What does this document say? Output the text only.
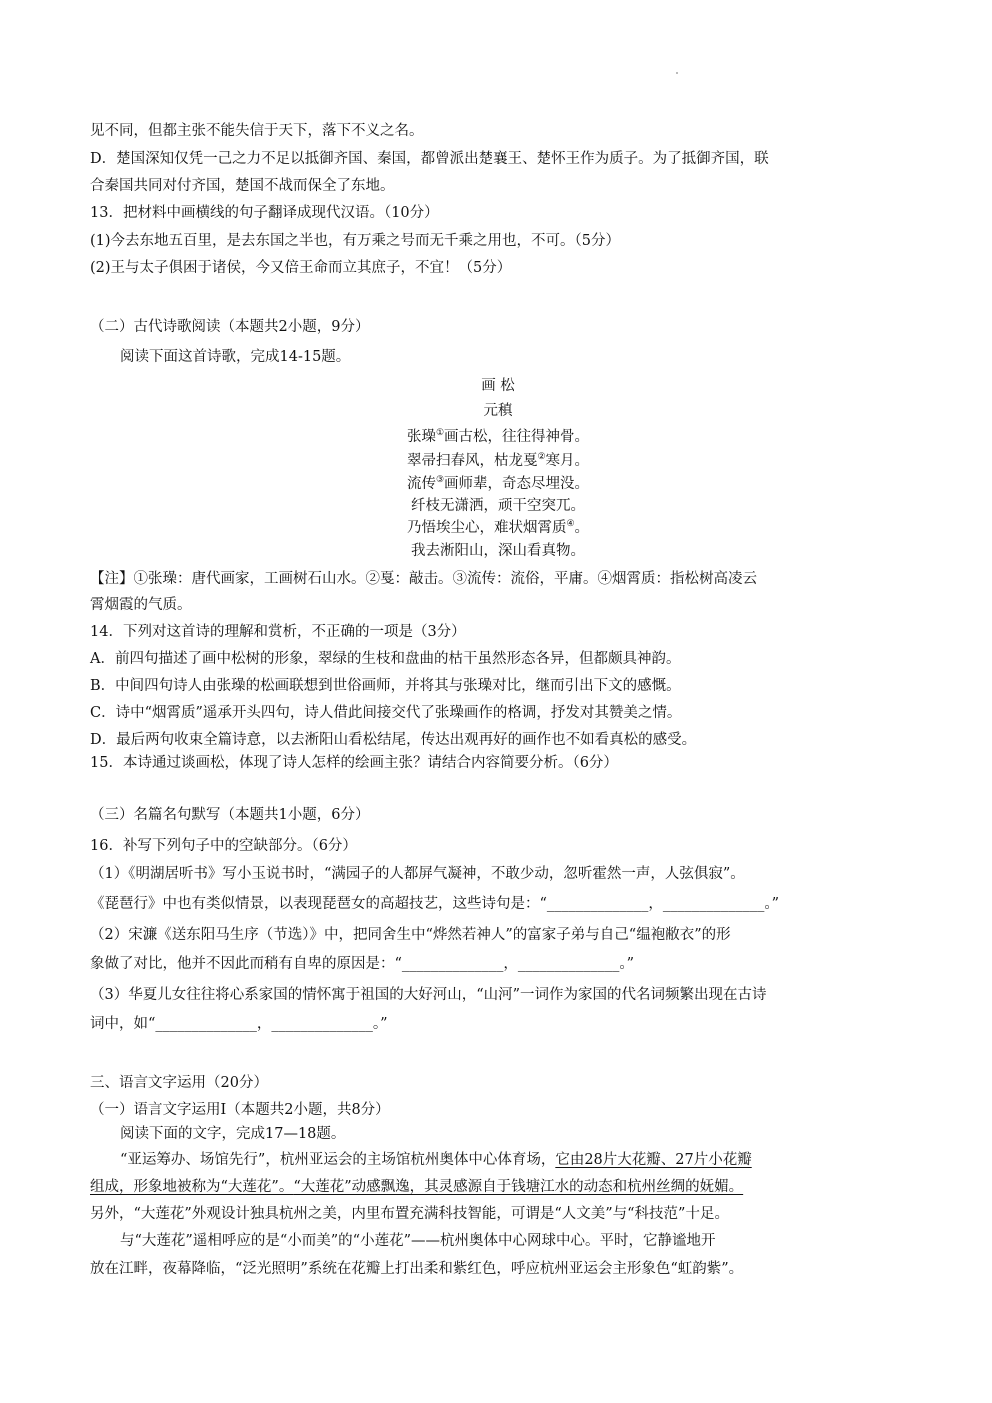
见不同，但都主张不能失信于天下，落下不义之名。
D．楚国深知仅凭一己之力不足以抵御齐国、秦国，都曾派出楚襄王、楚怀王作为质子。为了抵御齐国，联
合秦国共同对付齐国，楚国不战而保全了东地。
13．把材料中画横线的句子翻译成现代汉语。（10分）
(1)今去东地五百里，是去东国之半也，有万乘之号而无千乘之用也，不可。（5分）
(2)王与太子俱困于诸侯，今又倍王命而立其庶子，不宜！（5分）
（二）古代诗歌阅读（本题共2小题，9分）
阅读下面这首诗歌，完成14-15题。
画 松
元稹
张璪①画古松，往往得神骨。
翠帚扫春风，枯龙戛②寒月。
流传③画师辈，奇态尽埋没。
纤枝无潇洒，顽干空突兀。
乃悟埃尘心，难状烟霄质④。
我去淅阳山，深山看真物。
【注】①张璪：唐代画家，工画树石山水。②戛：敲击。③流传：流俗，平庸。④烟霄质：指松树高凌云
霄烟霞的气质。
14．下列对这首诗的理解和赏析，不正确的一项是（3分）
A．前四句描述了画中松树的形象，翠绿的生枝和盘曲的枯干虽然形态各异，但都颇具神韵。
B．中间四句诗人由张璪的松画联想到世俗画师，并将其与张璪对比，继而引出下文的感慨。
C．诗中“烟霄质”遥承开头四句，诗人借此间接交代了张璪画作的格调，抒发对其赞美之情。
D．最后两句收束全篇诗意，以去淅阳山看松结尾，传达出观再好的画作也不如看真松的感受。
15．本诗通过谈画松，体现了诗人怎样的绘画主张？请结合内容简要分析。（6分）
（三）名篇名句默写（本题共1小题，6分）
16．补写下列句子中的空缺部分。（6分）
（1）《明湖居听书》写小玉说书时，“满园子的人都屏气凝神，不敢少动，忽听霍然一声，人弦俱寂”。
《琵琶行》中也有类似情景，以表现琵琶女的高超技艺，这些诗句是：“______________，______________。”
（2）宋濂《送东阳马生序（节选）》中，把同舍生中“烨然若神人”的富家子弟与自己“缊袍敝衣”的形
象做了对比，他并不因此而稍有自卑的原因是：“______________，______________。”
（3）华夏儿女往往将心系家国的情怀寓于祖国的大好河山，“山河”一词作为家国的代名词频繁出现在古诗
词中，如“______________，______________。”
三、语言文字运用（20分）
（一）语言文字运用Ⅰ（本题共2小题，共8分）
阅读下面的文字，完成17—18题。
“亚运筹办、场馆先行”，杭州亚运会的主场馆杭州奥体中心体育场，它由28片大花瓣、27片小花瓣
组成，形象地被称为“大莲花”。“大莲花”动感飘逸，其灵感源自于钱塘江水的动态和杭州丝绸的妩媚。
另外，“大莲花”外观设计独具杭州之美，内里布置充满科技智能，可谓是“人文美”与“科技范”十足。
与“大莲花”遥相呼应的是“小而美”的“小莲花”——杭州奥体中心网球中心。平时，它静谧地开
放在江畔，夜幕降临，“泛光照明”系统在花瓣上打出柔和紫红色，呼应杭州亚运会主形象色“虹韵紫”。
